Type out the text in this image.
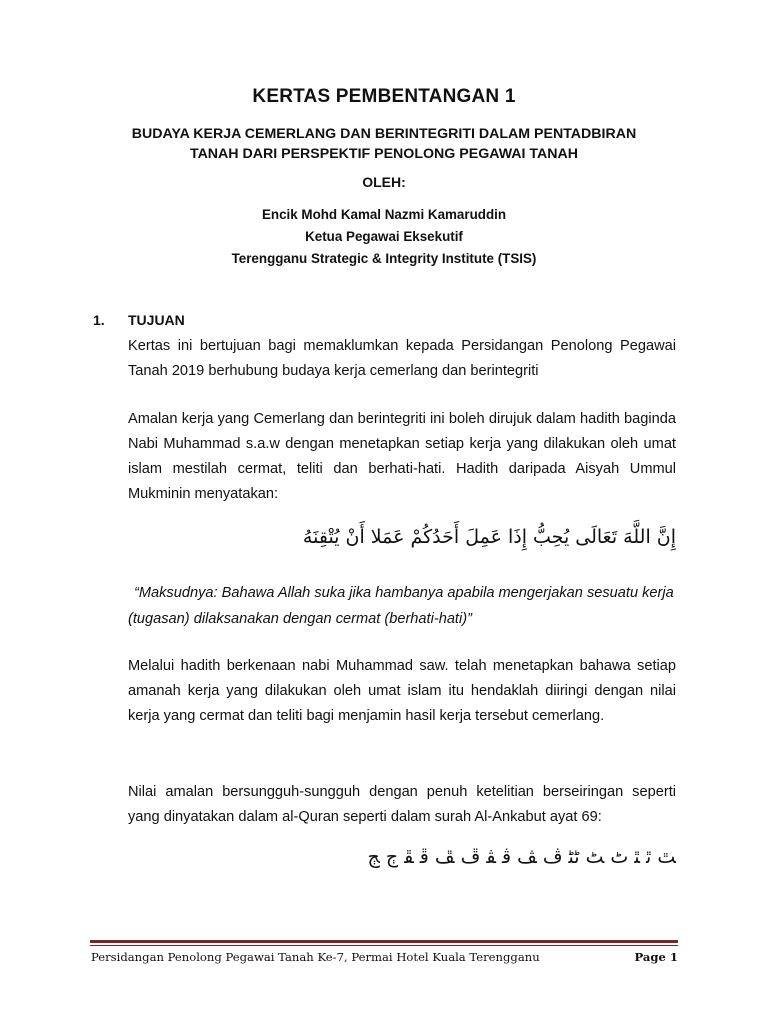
KERTAS PEMBENTANGAN 1
BUDAYA KERJA CEMERLANG DAN BERINTEGRITI DALAM PENTADBIRAN
TANAH DARI PERSPEKTIF PENOLONG PEGAWAI TANAH
OLEH:
Encik Mohd Kamal Nazmi Kamaruddin
Ketua Pegawai Eksekutif
Terengganu Strategic & Integrity Institute (TSIS)
1. TUJUAN
Kertas ini bertujuan bagi memaklumkan kepada Persidangan Penolong Pegawai Tanah 2019 berhubung budaya kerja cemerlang dan berintegriti
Amalan kerja yang Cemerlang dan berintegriti ini boleh dirujuk dalam hadith baginda Nabi Muhammad s.a.w dengan menetapkan setiap kerja yang dilakukan oleh umat islam mestilah cermat, teliti dan berhati-hati. Hadith daripada Aisyah Ummul Mukminin menyatakan:
إِنَّ اللَّهَ تَعَالَى يُحِبُّ إِذَا عَمِلَ أَحَدُكُمْ عَمَلا أَنْ يُتْقِنَهُ
“Maksudnya: Bahawa Allah suka jika hambanya apabila mengerjakan sesuatu kerja (tugasan) dilaksanakan dengan cermat (berhati-hati)”
Melalui hadith berkenaan nabi Muhammad saw. telah menetapkan bahawa setiap amanah kerja yang dilakukan oleh umat islam itu hendaklah diiringi dengan nilai kerja yang cermat dan teliti bagi menjamin hasil kerja tersebut cemerlang.
Nilai amalan bersungguh-sungguh dengan penuh ketelitian berseiringan seperti yang dinyatakan dalam al-Quran seperti dalam surah Al-Ankabut ayat 69:
ﭣ ﭤ ﭥ ﭦ ﭧ ﭨﭩ ﭪ ﭫ ﭬ ﭭ ﭮ ﭯ ﭰ ﭱ ﭲ ﭳ
Persidangan Penolong Pegawai Tanah Ke-7, Permai Hotel Kuala Terengganu	Page 1
